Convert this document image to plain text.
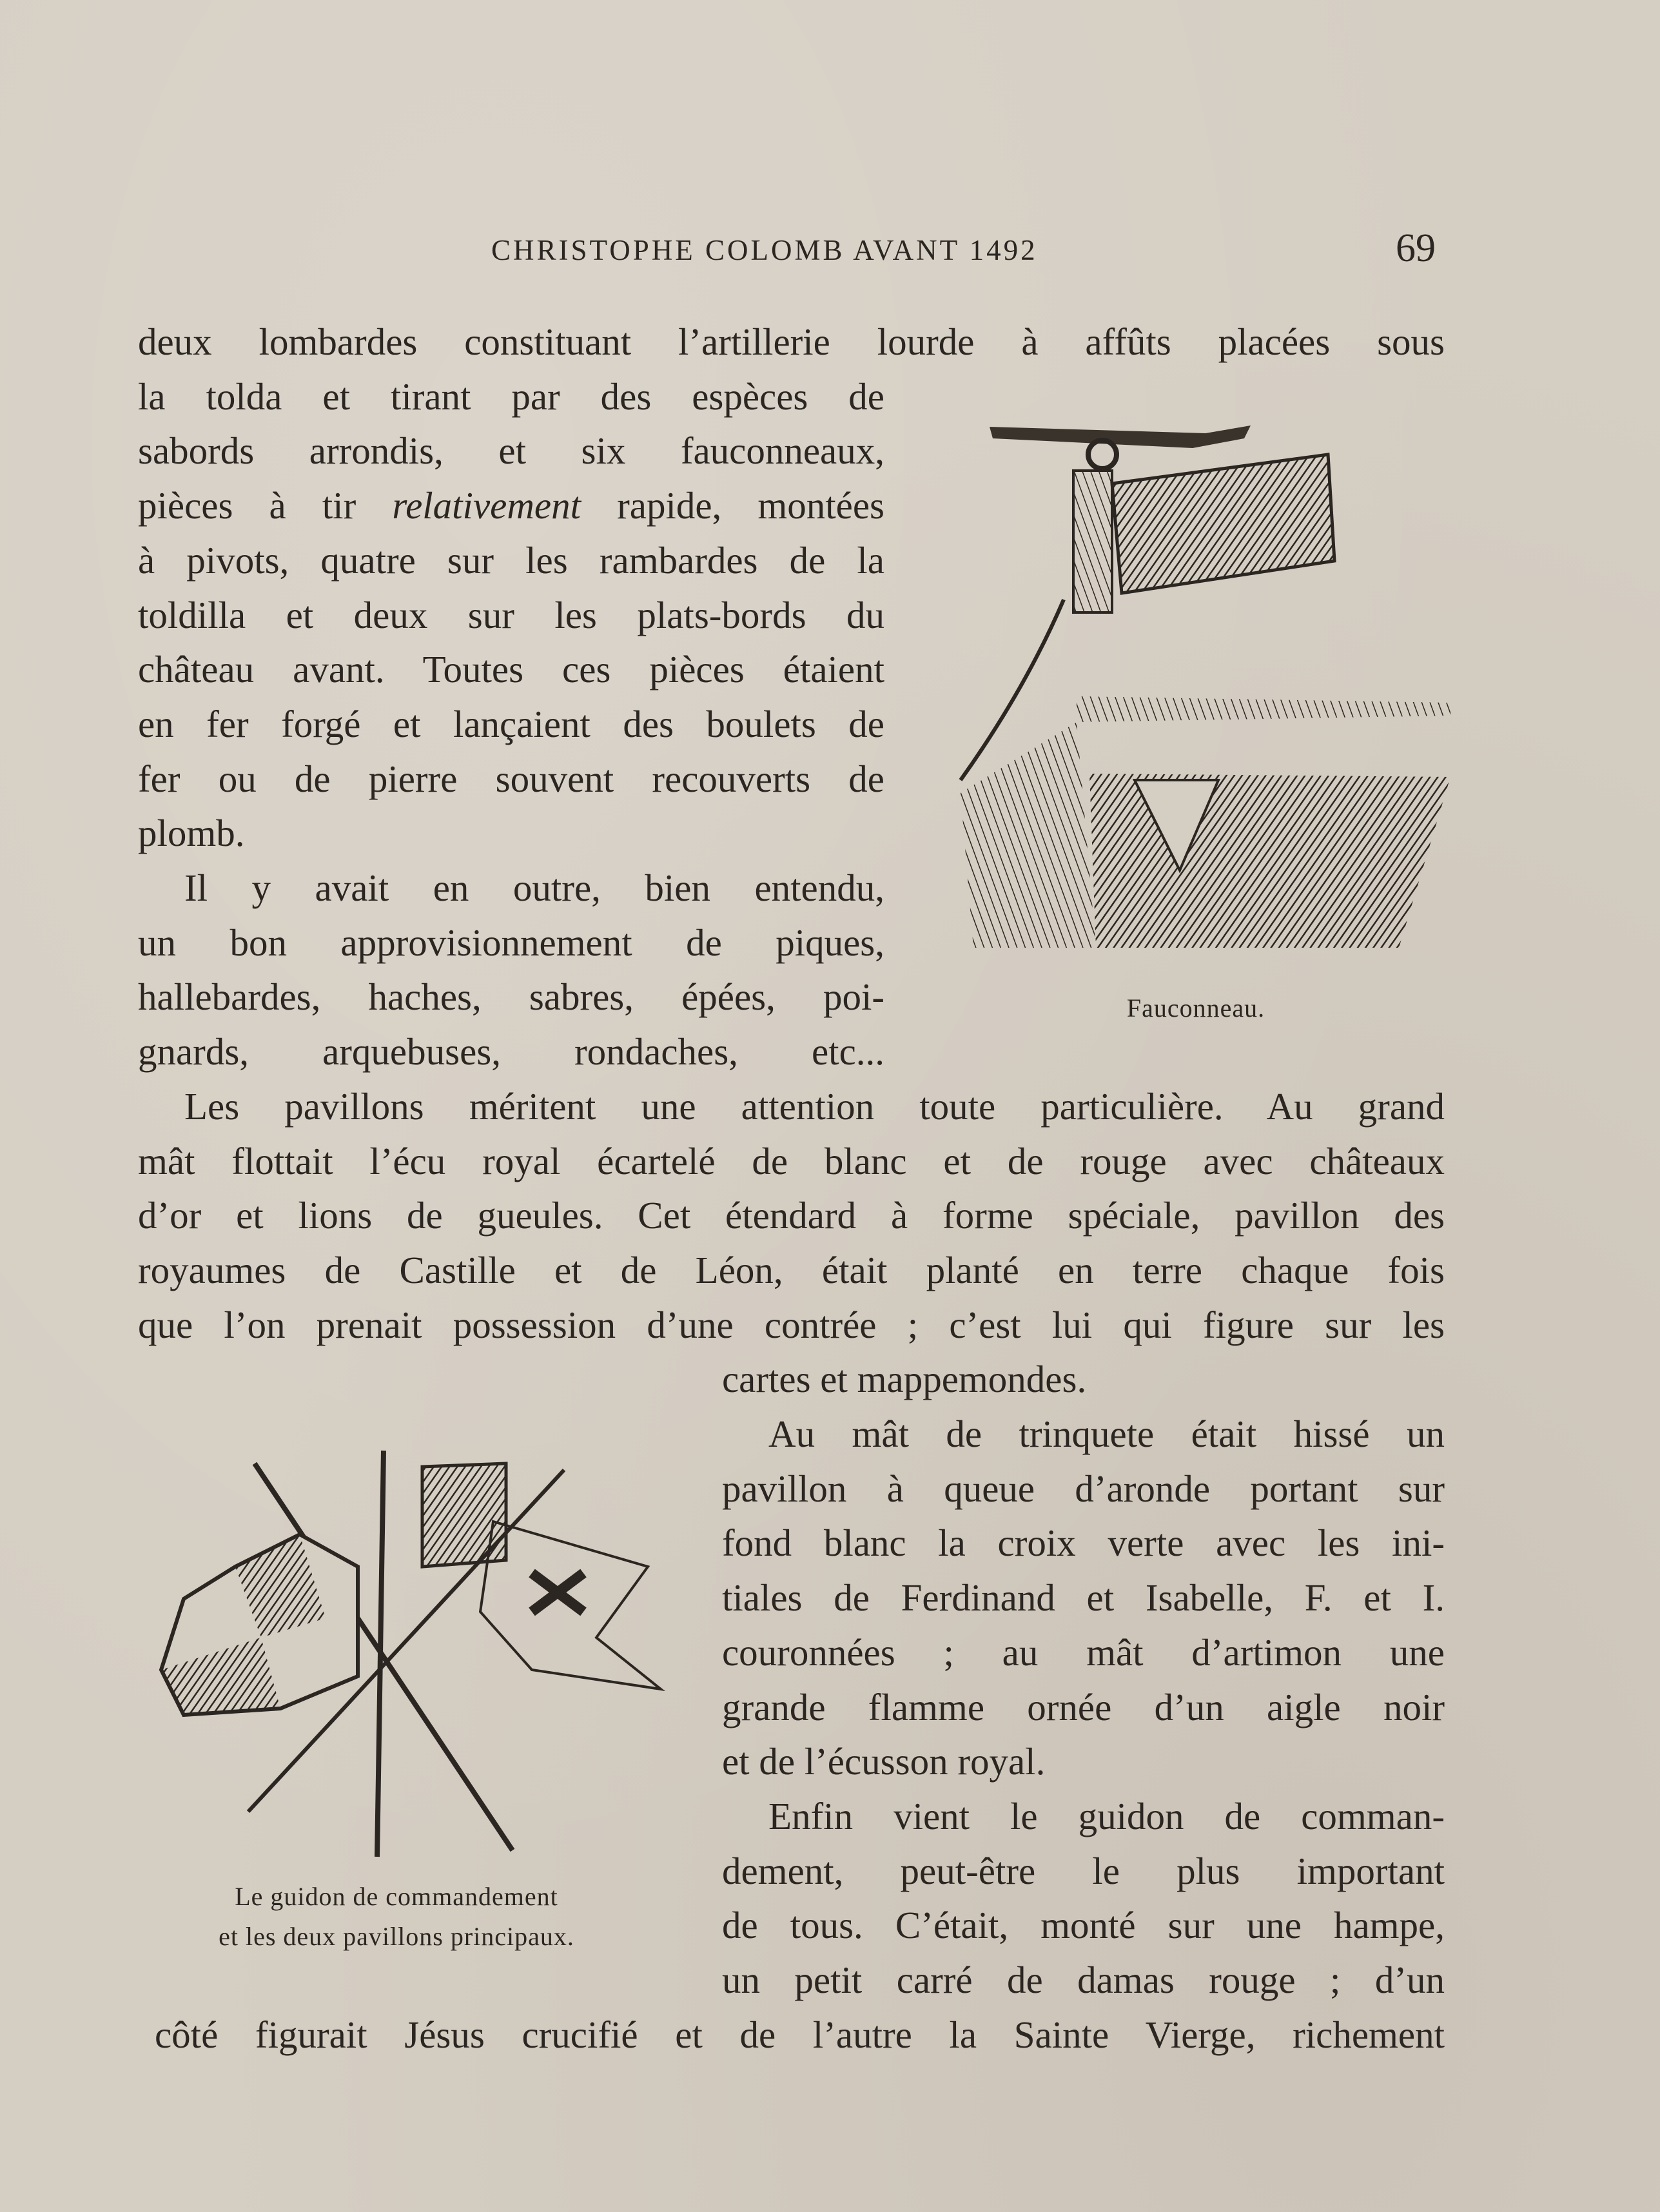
CHRISTOPHE COLOMB AVANT 1492	69
deux lombardes constituant l’artillerie lourde à affûts placées sous
la tolda et tirant par des espèces de
sabords arrondis, et six fauconneaux,
pièces à tir relativement rapide, montées
à pivots, quatre sur les rambardes de la
toldilla et deux sur les plats-bords du
château avant. Toutes ces pièces étaient
en fer forgé et lançaient des boulets de
fer ou de pierre souvent recouverts de
plomb.
Il y avait en outre, bien entendu,
un bon approvisionnement de piques,
hallebardes, haches, sabres, épées, poi-
gnards, arquebuses, rondaches, etc...
Les pavillons méritent une attention toute particulière. Au grand
mât flottait l’écu royal écartelé de blanc et de rouge avec châteaux
d’or et lions de gueules. Cet étendard à forme spéciale, pavillon des
royaumes de Castille et de Léon, était planté en terre chaque fois
que l’on prenait possession d’une contrée ; c’est lui qui figure sur les
cartes et mappemondes.
Au mât de trinquete était hissé un
pavillon à queue d’aronde portant sur
fond blanc la croix verte avec les ini-
tiales de Ferdinand et Isabelle, F. et I.
couronnées ; au mât d’artimon une
grande flamme ornée d’un aigle noir
et de l’écusson royal.
Enfin vient le guidon de comman-
dement, peut-être le plus important
de tous. C’était, monté sur une hampe,
un petit carré de damas rouge ; d’un
côté figurait Jésus crucifié et de l’autre la Sainte Vierge, richement
Fauconneau.
Le guidon de commandement
et les deux pavillons principaux.
